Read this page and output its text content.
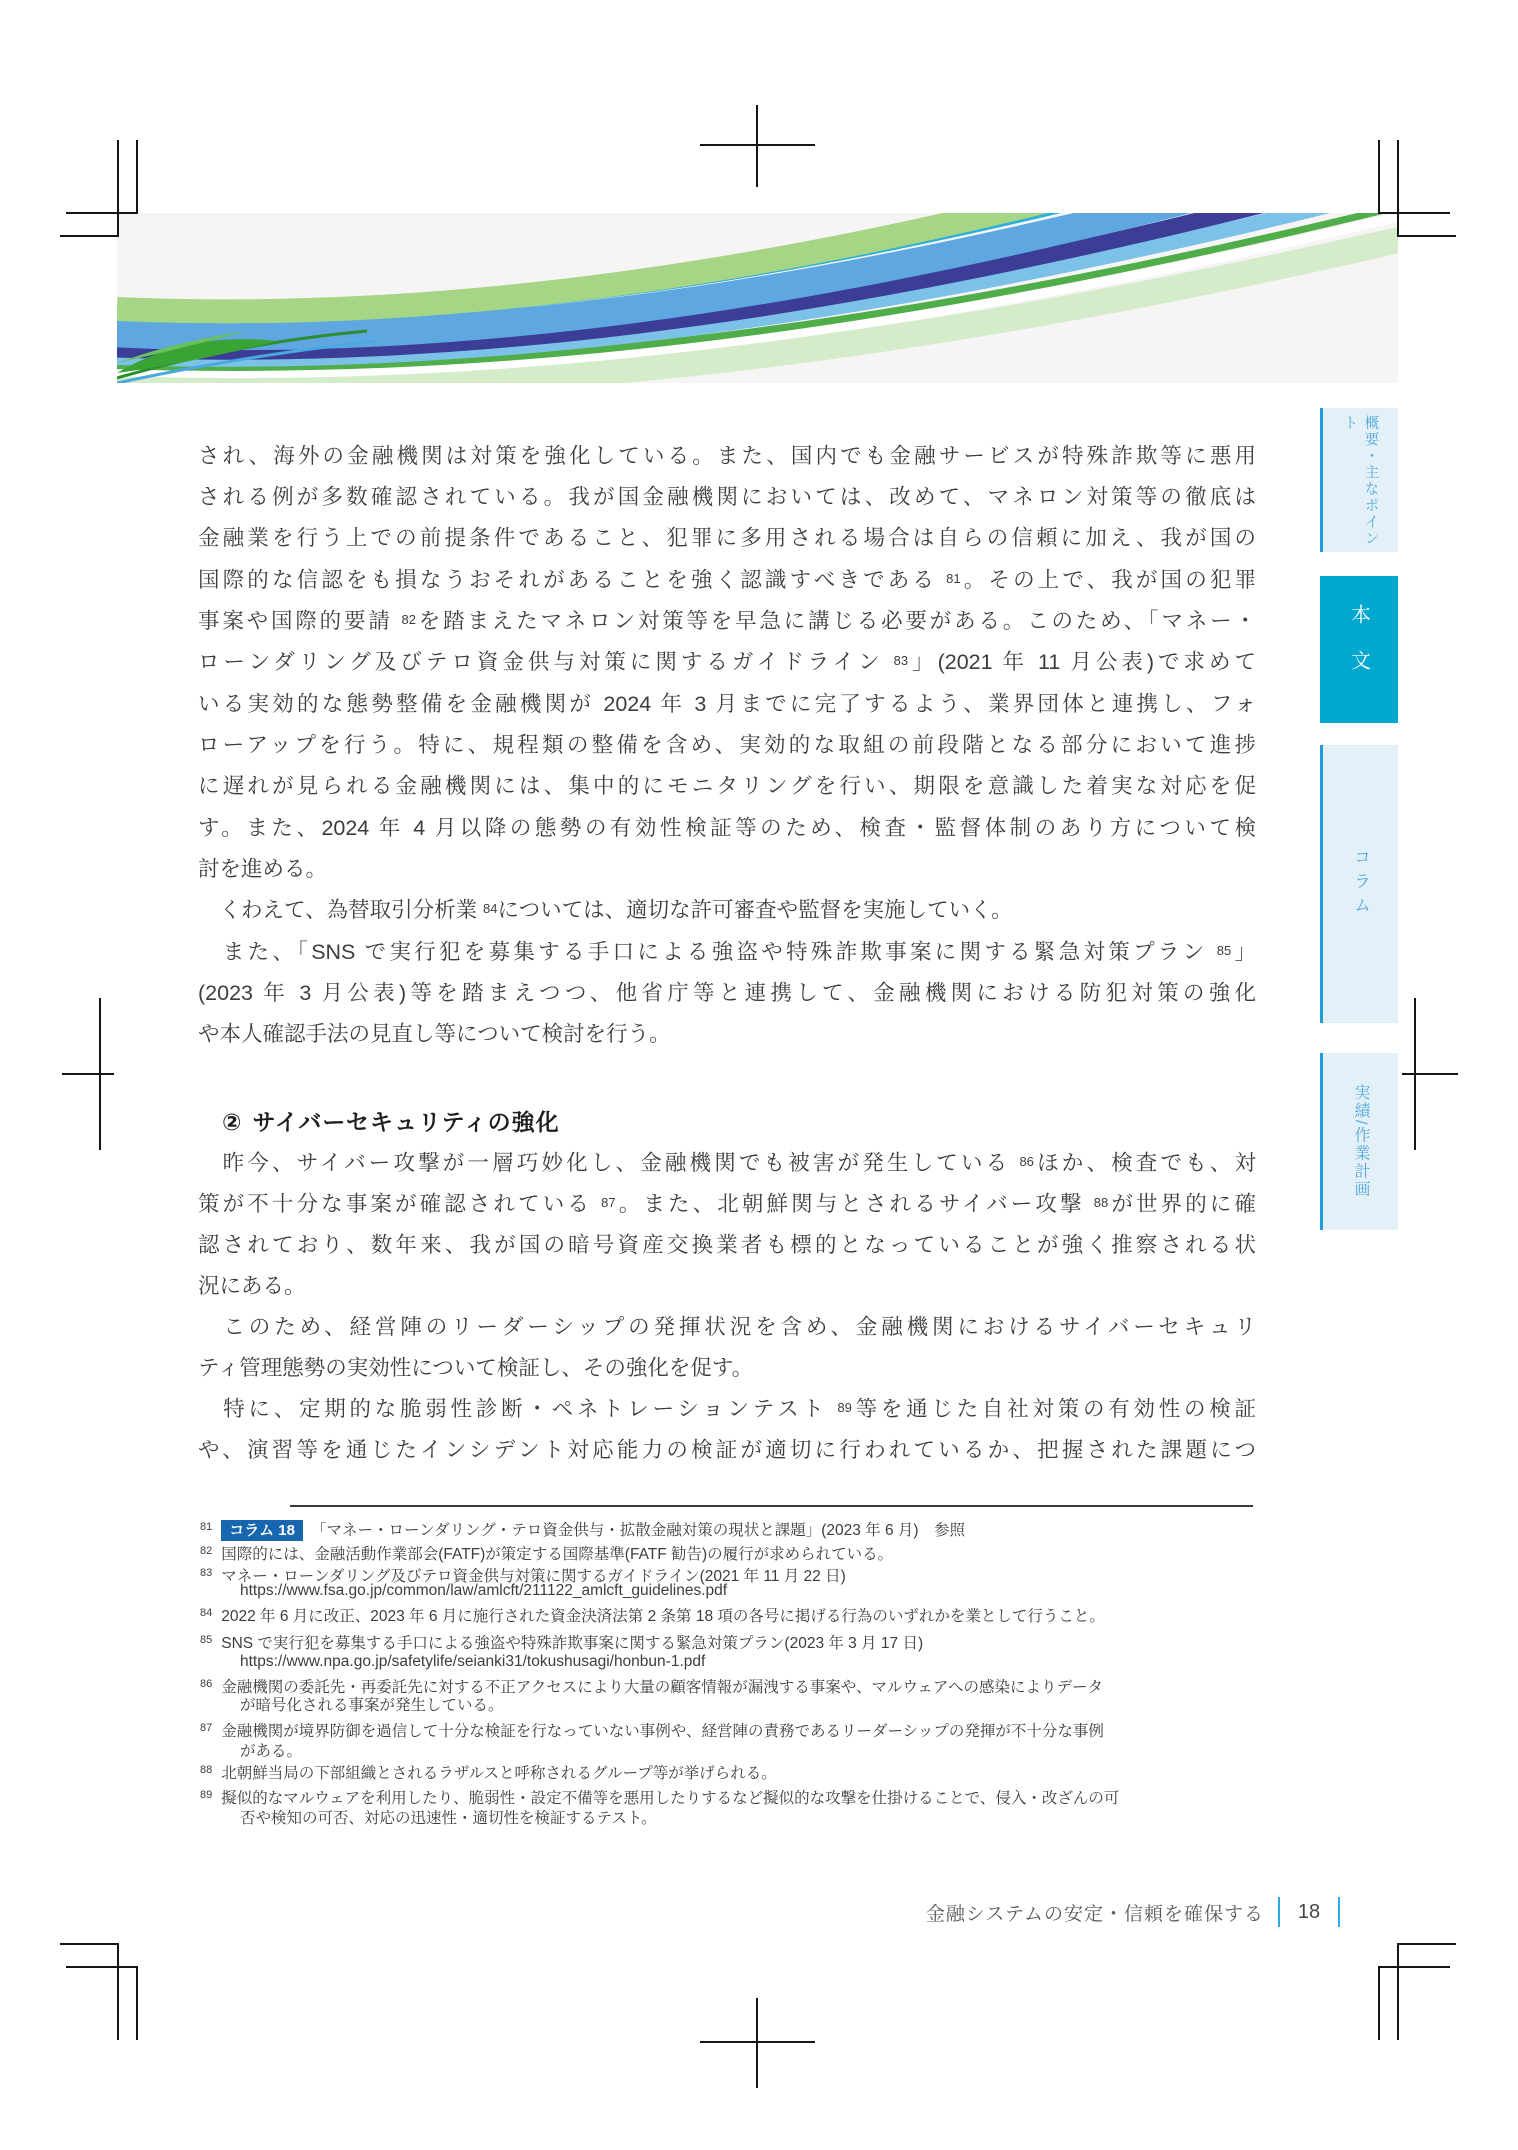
され、海外の金融機関は対策を強化している。また、国内でも金融サービスが特殊詐欺等に悪用
される例が多数確認されている。我が国金融機関においては、改めて、マネロン対策等の徹底は
金融業を行う上での前提条件であること、犯罪に多用される場合は自らの信頼に加え、我が国の
国際的な信認をも損なうおそれがあることを強く認識すべきである $^{81}$。その上で、我が国の犯罪
事案や国際的要請 $^{82}$を踏まえたマネロン対策等を早急に講じる必要がある。このため、「マネー・
ローンダリング及びテロ資金供与対策に関するガイドライン $^{83}$」(2021 年 11 月公表)で求めて
いる実効的な態勢整備を金融機関が 2024 年 3 月までに完了するよう、業界団体と連携し、フォ
ローアップを行う。特に、規程類の整備を含め、実効的な取組の前段階となる部分において進捗
に遅れが見られる金融機関には、集中的にモニタリングを行い、期限を意識した着実な対応を促
す。また、2024 年 4 月以降の態勢の有効性検証等のため、検査・監督体制のあり方について検
討を進める。
　くわえて、為替取引分析業 $^{84}$については、適切な許可審査や監督を実施していく。
　また、「SNS で実行犯を募集する手口による強盗や特殊詐欺事案に関する緊急対策プラン $^{85}$」
(2023 年 3 月公表)等を踏まえつつ、他省庁等と連携して、金融機関における防犯対策の強化
や本人確認手法の見直し等について検討を行う。
② サイバーセキュリティの強化
　昨今、サイバー攻撃が一層巧妙化し、金融機関でも被害が発生している $^{86}$ほか、検査でも、対
策が不十分な事案が確認されている $^{87}$。また、北朝鮮関与とされるサイバー攻撃 $^{88}$が世界的に確
認されており、数年来、我が国の暗号資産交換業者も標的となっていることが強く推察される状
況にある。
　このため、経営陣のリーダーシップの発揮状況を含め、金融機関におけるサイバーセキュリ
ティ管理態勢の実効性について検証し、その強化を促す。
　特に、定期的な脆弱性診断・ペネトレーションテスト $^{89}$等を通じた自社対策の有効性の検証
や、演習等を通じたインシデント対応能力の検証が適切に行われているか、把握された課題につ
$^{81}$ コラム 18 「マネー・ローンダリング・テロ資金供与・拡散金融対策の現状と課題」(2023 年 6 月)　参照
$^{82}$ 国際的には、金融活動作業部会(FATF)が策定する国際基準(FATF 勧告)の履行が求められている。
$^{83}$ マネー・ローンダリング及びテロ資金供与対策に関するガイドライン(2021 年 11 月 22 日)
https://www.fsa.go.jp/common/law/amlcft/211122_amlcft_guidelines.pdf
$^{84}$ 2022 年 6 月に改正、2023 年 6 月に施行された資金決済法第 2 条第 18 項の各号に掲げる行為のいずれかを業として行うこと。
$^{85}$ SNS で実行犯を募集する手口による強盗や特殊詐欺事案に関する緊急対策プラン(2023 年 3 月 17 日)
https://www.npa.go.jp/safetylife/seianki31/tokushusagi/honbun-1.pdf
$^{86}$ 金融機関の委託先・再委託先に対する不正アクセスにより大量の顧客情報が漏洩する事案や、マルウェアへの感染によりデータ
が暗号化される事案が発生している。
$^{87}$ 金融機関が境界防御を過信して十分な検証を行なっていない事例や、経営陣の責務であるリーダーシップの発揮が不十分な事例
がある。
$^{88}$ 北朝鮮当局の下部組織とされるラザルスと呼称されるグループ等が挙げられる。
$^{89}$ 擬似的なマルウェアを利用したり、脆弱性・設定不備等を悪用したりするなど擬似的な攻撃を仕掛けることで、侵入・改ざんの可
否や検知の可否、対応の迅速性・適切性を検証するテスト。
概要・主なポイント
本文
コラム
実績/作業計画
金融システムの安定・信頼を確保する 18
